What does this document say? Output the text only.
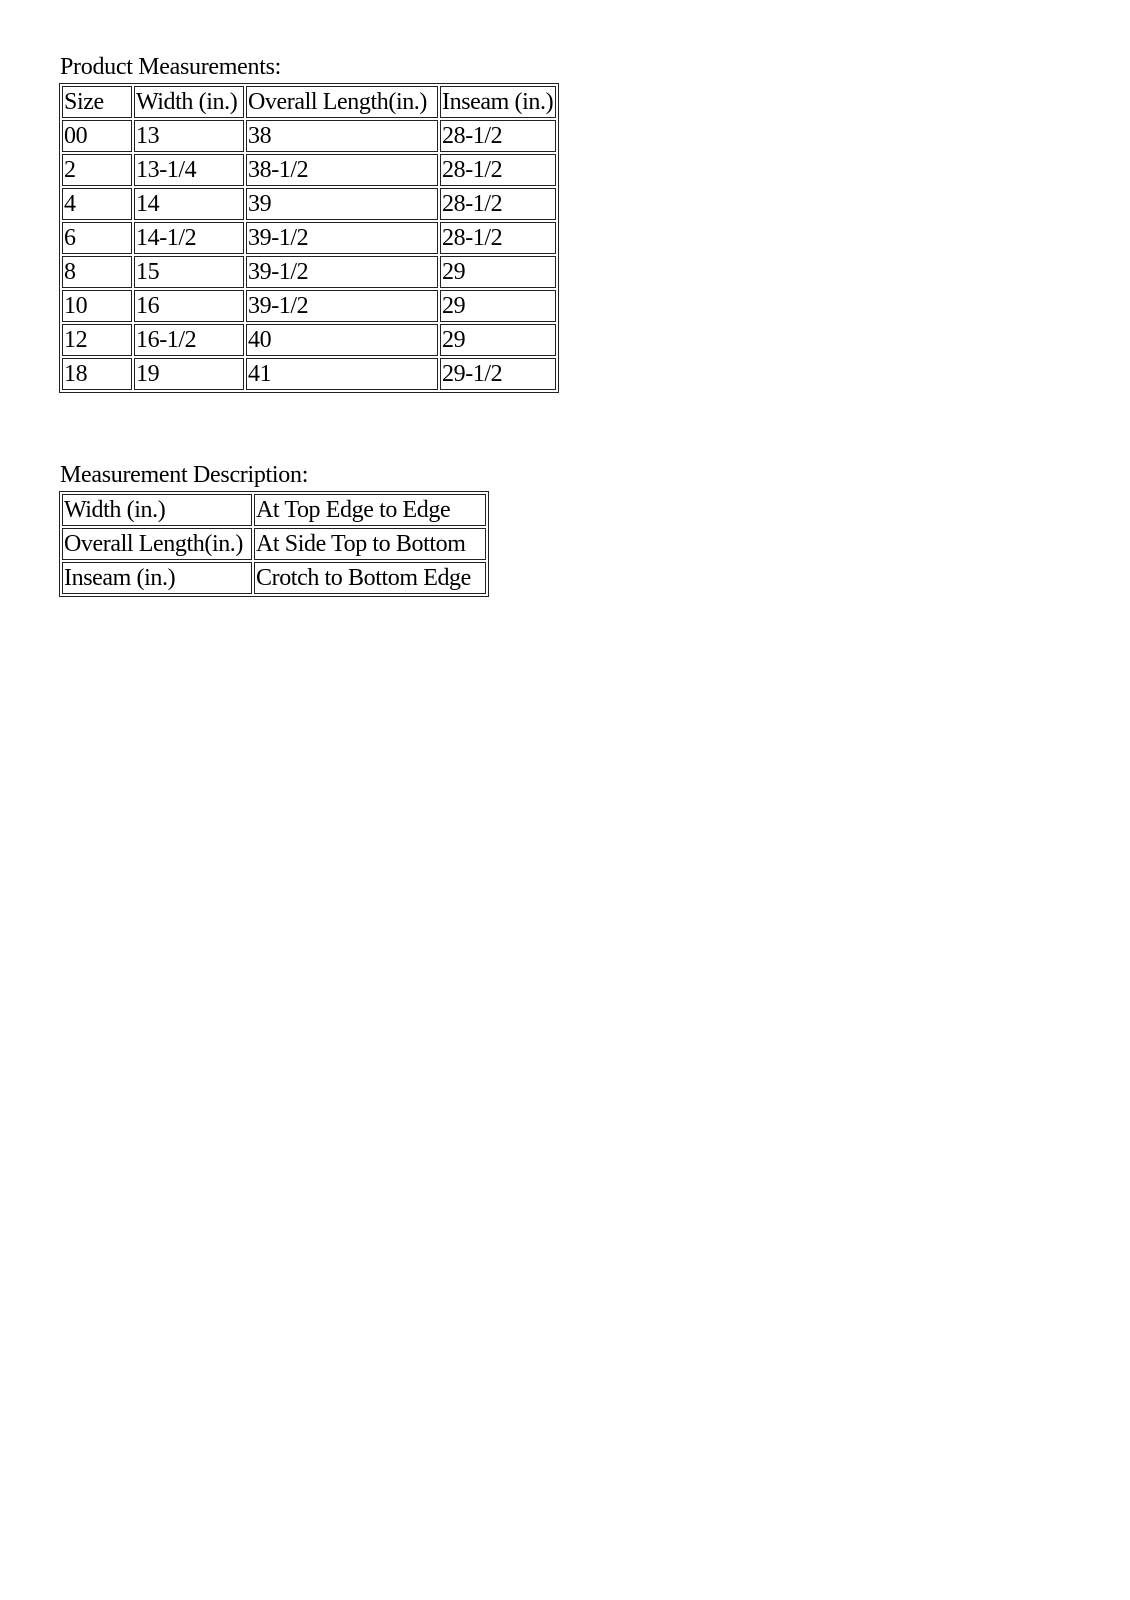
Product Measurements:
Size	Width (in.)	Overall Length(in.)	Inseam (in.)
00	13	38	28-1/2
2	13-1/4	38-1/2	28-1/2
4	14	39	28-1/2
6	14-1/2	39-1/2	28-1/2
8	15	39-1/2	29
10	16	39-1/2	29
12	16-1/2	40	29
18	19	41	29-1/2
Measurement Description:
Width (in.)	At Top Edge to Edge
Overall Length(in.)	At Side Top to Bottom
Inseam (in.)	Crotch to Bottom Edge
